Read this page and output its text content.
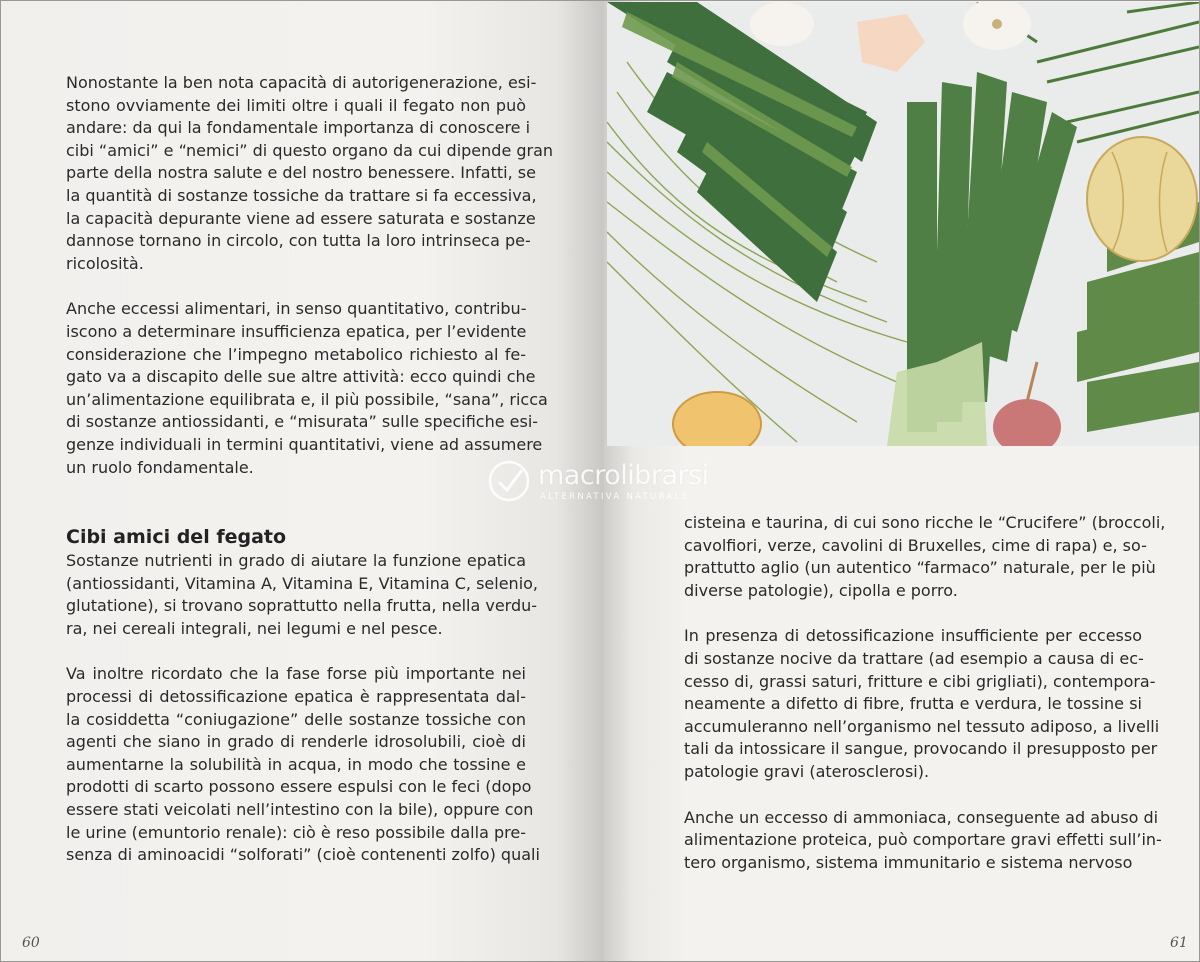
Nonostante la ben nota capacità di autorigenerazione, esi-
stono ovviamente dei limiti oltre i quali il fegato non può
andare: da qui la fondamentale importanza di conoscere i
cibi “amici” e “nemici” di questo organo da cui dipende gran
parte della nostra salute e del nostro benessere. Infatti, se
la quantità di sostanze tossiche da trattare si fa eccessiva,
la capacità depurante viene ad essere saturata e sostanze
dannose tornano in circolo, con tutta la loro intrinseca pe-
ricolosità.
Anche eccessi alimentari, in senso quantitativo, contribu-
iscono a determinare insufficienza epatica, per l’evidente
considerazione che l’impegno metabolico richiesto al fe-
gato va a discapito delle sue altre attività: ecco quindi che
un’alimentazione equilibrata e, il più possibile, “sana”, ricca
di sostanze antiossidanti, e “misurata” sulle specifiche esi-
genze individuali in termini quantitativi, viene ad assumere
un ruolo fondamentale.
Cibi amici del fegato
Sostanze nutrienti in grado di aiutare la funzione epatica
(antiossidanti, Vitamina A, Vitamina E, Vitamina C, selenio,
glutatione), si trovano soprattutto nella frutta, nella verdu-
ra, nei cereali integrali, nei legumi e nel pesce.
Va inoltre ricordato che la fase forse più importante nei
processi di detossificazione epatica è rappresentata dal-
la cosiddetta “coniugazione” delle sostanze tossiche con
agenti che siano in grado di renderle idrosolubili, cioè di
aumentarne la solubilità in acqua, in modo che tossine e
prodotti di scarto possono essere espulsi con le feci (dopo
essere stati veicolati nell’intestino con la bile), oppure con
le urine (emuntorio renale): ciò è reso possibile dalla pre-
senza di aminoacidi “solforati” (cioè contenenti zolfo) quali
60	61
cisteina e taurina, di cui sono ricche le “Crucifere” (broccoli,
cavolfiori, verze, cavolini di Bruxelles, cime di rapa) e, so-
prattutto aglio (un autentico “farmaco” naturale, per le più
diverse patologie), cipolla e porro.
In presenza di detossificazione insufficiente per eccesso
di sostanze nocive da trattare (ad esempio a causa di ec-
cesso di, grassi saturi, fritture e cibi grigliati), contempora-
neamente a difetto di fibre, frutta e verdura, le tossine si
accumuleranno nell’organismo nel tessuto adiposo, a livelli
tali da intossicare il sangue, provocando il presupposto per
patologie gravi (aterosclerosi).
Anche un eccesso di ammoniaca, conseguente ad abuso di
alimentazione proteica, può comportare gravi effetti sull’in-
tero organismo, sistema immunitario e sistema nervoso
macrolibrarsi
ALTERNATIVA NATURALE
